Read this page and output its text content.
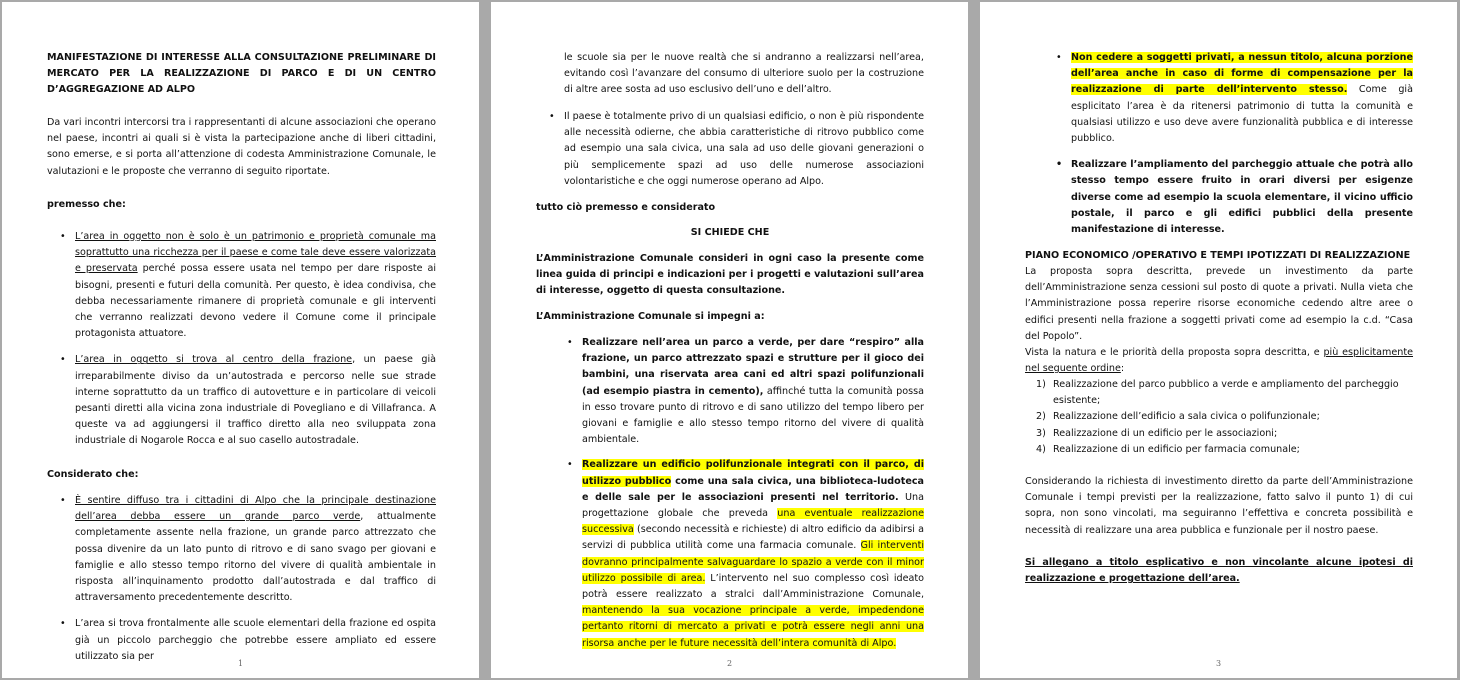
MANIFESTAZIONE DI INTERESSE ALLA CONSULTAZIONE PRELIMINARE DI MERCATO PER LA REALIZZAZIONE DI PARCO E DI UN CENTRO D’AGGREGAZIONE AD ALPO

Da vari incontri intercorsi tra i rappresentanti di alcune associazioni che operano nel paese, incontri ai quali si è vista la partecipazione anche di liberi cittadini, sono emerse, e si porta all’attenzione di codesta Amministrazione Comunale, le valutazioni e le proposte che verranno di seguito riportate.

premesso che:

• L’area in oggetto non è solo è un patrimonio e proprietà comunale ma soprattutto una ricchezza per il paese e come tale deve essere valorizzata e preservata perché possa essere usata nel tempo per dare risposte ai bisogni, presenti e futuri della comunità. Per questo, è idea condivisa, che debba necessariamente rimanere di proprietà comunale e gli interventi che verranno realizzati devono vedere il Comune come il principale protagonista attuatore.
• L’area in oggetto si trova al centro della frazione, un paese già irreparabilmente diviso da un’autostrada e percorso nelle sue strade interne soprattutto da un traffico di autovetture e in particolare di veicoli pesanti diretti alla vicina zona industriale di Povegliano e di Villafranca. A queste va ad aggiungersi il traffico diretto alla neo sviluppata zona industriale di Nogarole Rocca e al suo casello autostradale.

Considerato che:

• È sentire diffuso tra i cittadini di Alpo che la principale destinazione dell’area debba essere un grande parco verde, attualmente completamente assente nella frazione, un grande parco attrezzato che possa divenire da un lato punto di ritrovo e di sano svago per giovani e famiglie e allo stesso tempo ritorno del vivere di qualità ambientale in risposta all’inquinamento prodotto dall’autostrada e dal traffico di attraversamento precedentemente descritto.
• L’area si trova frontalmente alle scuole elementari della frazione ed ospita già un piccolo parcheggio che potrebbe essere ampliato ed essere utilizzato sia per
1

le scuole sia per le nuove realtà che si andranno a realizzarsi nell’area, evitando così l’avanzare del consumo di ulteriore suolo per la costruzione di altre aree sosta ad uso esclusivo dell’uno e dell’altro.

• Il paese è totalmente privo di un qualsiasi edificio, o non è più rispondente alle necessità odierne, che abbia caratteristiche di ritrovo pubblico come ad esempio una sala civica, una sala ad uso delle giovani generazioni o più semplicemente spazi ad uso delle numerose associazioni volontaristiche e che oggi numerose operano ad Alpo.

tutto ciò premesso e considerato

SI CHIEDE CHE

L’Amministrazione Comunale consideri in ogni caso la presente come linea guida di principi e indicazioni per i progetti e valutazioni sull’area di interesse, oggetto di questa consultazione.

L’Amministrazione Comunale si impegni a:

• Realizzare nell’area un parco a verde, per dare “respiro” alla frazione, un parco attrezzato spazi e strutture per il gioco dei bambini, una riservata area cani ed altri spazi polifunzionali (ad esempio piastra in cemento), affinché tutta la comunità possa in esso trovare punto di ritrovo e di sano utilizzo del tempo libero per giovani e famiglie e allo stesso tempo ritorno del vivere di qualità ambientale.
• Realizzare un edificio polifunzionale integrati con il parco, di utilizzo pubblico come una sala civica, una biblioteca-ludoteca e delle sale per le associazioni presenti nel territorio. Una progettazione globale che preveda una eventuale realizzazione successiva (secondo necessità e richieste) di altro edificio da adibirsi a servizi di pubblica utilità come una farmacia comunale. Gli interventi dovranno principalmente salvaguardare lo spazio a verde con il minor utilizzo possibile di area. L’intervento nel suo complesso così ideato potrà essere realizzato a stralci dall’Amministrazione Comunale, mantenendo la sua vocazione principale a verde, impedendone pertanto ritorni di mercato a privati e potrà essere negli anni una risorsa anche per le future necessità dell’intera comunità di Alpo.
2
• Non cedere a soggetti privati, a nessun titolo, alcuna porzione dell’area anche in caso di forme di compensazione per la realizzazione di parte dell’intervento stesso. Come già esplicitato l’area è da ritenersi patrimonio di tutta la comunità e qualsiasi utilizzo e uso deve avere funzionalità pubblica e di interesse pubblico.
• Realizzare l’ampliamento del parcheggio attuale che potrà allo stesso tempo essere fruito in orari diversi per esigenze diverse come ad esempio la scuola elementare, il vicino ufficio postale, il parco e gli edifici pubblici della presente manifestazione di interesse.

PIANO ECONOMICO /OPERATIVO E TEMPI IPOTIZZATI DI REALIZZAZIONE

La proposta sopra descritta, prevede un investimento da parte dell’Amministrazione senza cessioni sul posto di quote a privati. Nulla vieta che l’Amministrazione possa reperire risorse economiche cedendo altre aree o edifici presenti nella frazione a soggetti privati come ad esempio la c.d. “Casa del Popolo”.

Vista la natura e le priorità della proposta sopra descritta, e più esplicitamente nel seguente ordine:

1) Realizzazione del parco pubblico a verde e ampliamento del parcheggio esistente;
2) Realizzazione dell’edificio a sala civica o polifunzionale;
3) Realizzazione di un edificio per le associazioni;
4) Realizzazione di un edificio per farmacia comunale;

Considerando la richiesta di investimento diretto da parte dell’Amministrazione Comunale i tempi previsti per la realizzazione, fatto salvo il punto 1) di cui sopra, non sono vincolati, ma seguiranno l’effettiva e concreta possibilità e necessità di realizzare una area pubblica e funzionale per il nostro paese.

Si allegano a titolo esplicativo e non vincolante alcune ipotesi di realizzazione e progettazione dell’area.

3
